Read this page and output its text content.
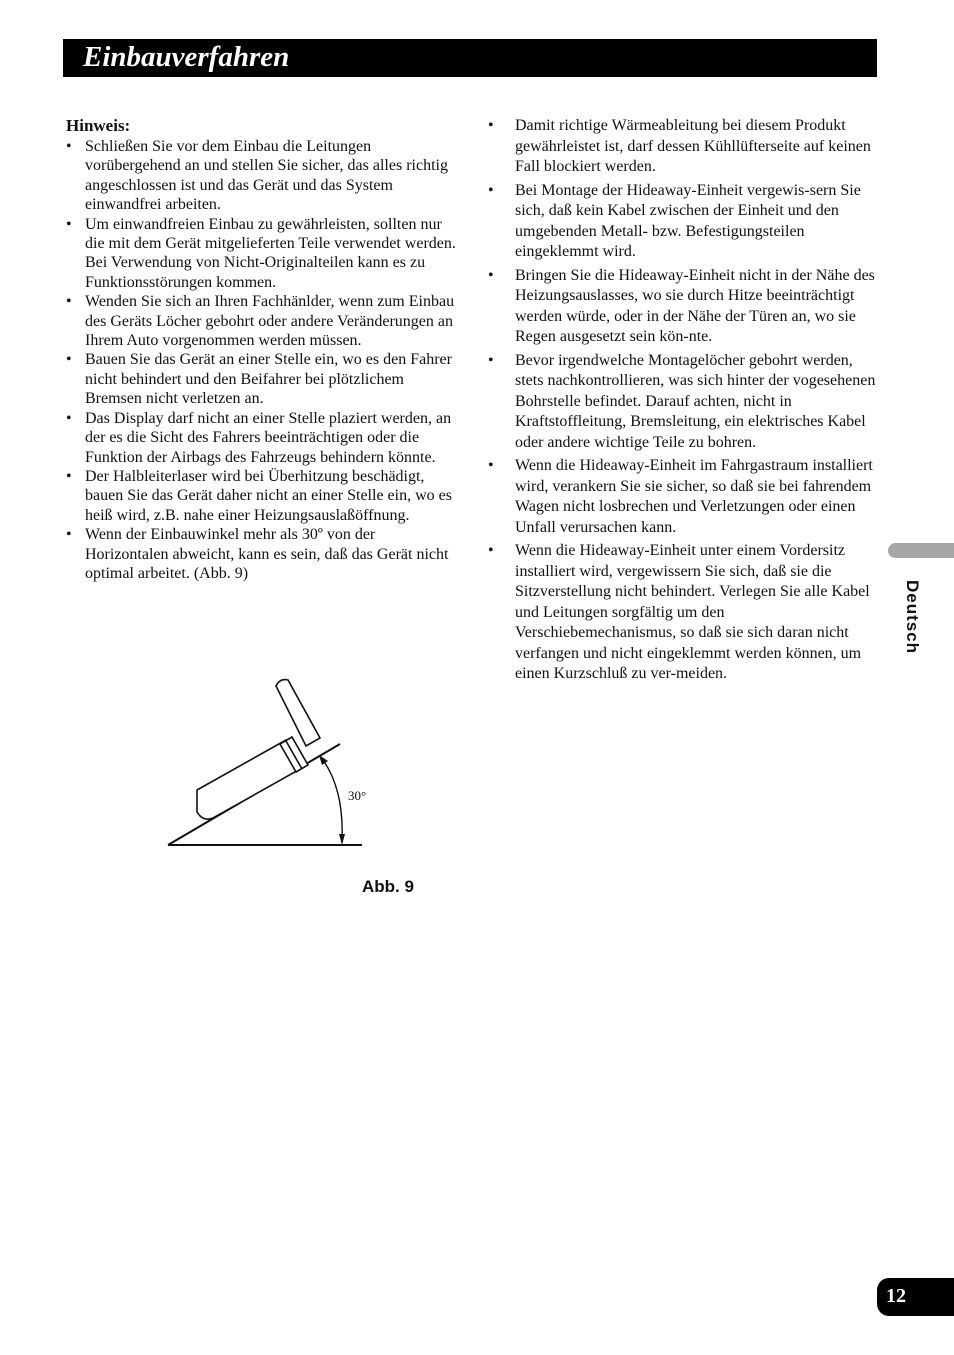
Einbauverfahren
Hinweis:
• Schließen Sie vor dem Einbau die Leitungen vorübergehend an und stellen Sie sicher, das alles richtig angeschlossen ist und das Gerät und das System einwandfrei arbeiten.
• Um einwandfreien Einbau zu gewährleisten, sollten nur die mit dem Gerät mitgelieferten Teile verwendet werden. Bei Verwendung von Nicht-Originalteilen kann es zu Funktionsstörungen kommen.
• Wenden Sie sich an Ihren Fachhänlder, wenn zum Einbau des Geräts Löcher gebohrt oder andere Veränderungen an Ihrem Auto vorgenommen werden müssen.
• Bauen Sie das Gerät an einer Stelle ein, wo es den Fahrer nicht behindert und den Beifahrer bei plötzlichem Bremsen nicht verletzen an.
• Das Display darf nicht an einer Stelle plaziert werden, an der es die Sicht des Fahrers beeinträchtigen oder die Funktion der Airbags des Fahrzeugs behindern könnte.
• Der Halbleiterlaser wird bei Überhitzung beschädigt, bauen Sie das Gerät daher nicht an einer Stelle ein, wo es heiß wird, z.B. nahe einer Heizungsauslaßöffnung.
• Wenn der Einbauwinkel mehr als 30º von der Horizontalen abweicht, kann es sein, daß das Gerät nicht optimal arbeitet. (Abb. 9)
• Damit richtige Wärmeableitung bei diesem Produkt gewährleistet ist, darf dessen Kühllüfterseite auf keinen Fall blockiert werden.
• Bei Montage der Hideaway-Einheit vergewis-sern Sie sich, daß kein Kabel zwischen der Einheit und den umgebenden Metall- bzw. Befestigungsteilen eingeklemmt wird.
• Bringen Sie die Hideaway-Einheit nicht in der Nähe des Heizungsauslasses, wo sie durch Hitze beeinträchtigt werden würde, oder in der Nähe der Türen an, wo sie Regen ausgesetzt sein kön-nte.
• Bevor irgendwelche Montagelöcher gebohrt werden, stets nachkontrollieren, was sich hinter der vogesehenen Bohrstelle befindet. Darauf achten, nicht in Kraftstoffleitung, Bremsleitung, ein elektrisches Kabel oder andere wichtige Teile zu bohren.
• Wenn die Hideaway-Einheit im Fahrgastraum installiert wird, verankern Sie sie sicher, so daß sie bei fahrendem Wagen nicht losbrechen und Verletzungen oder einen Unfall verursachen kann.
• Wenn die Hideaway-Einheit unter einem Vordersitz installiert wird, vergewissern Sie sich, daß sie die Sitzverstellung nicht behindert. Verlegen Sie alle Kabel und Leitungen sorgfältig um den Verschiebemechanismus, so daß sie sich daran nicht verfangen und nicht eingeklemmt werden können, um einen Kurzschluß zu ver-meiden.
30°
Abb. 9
Deutsch
12
